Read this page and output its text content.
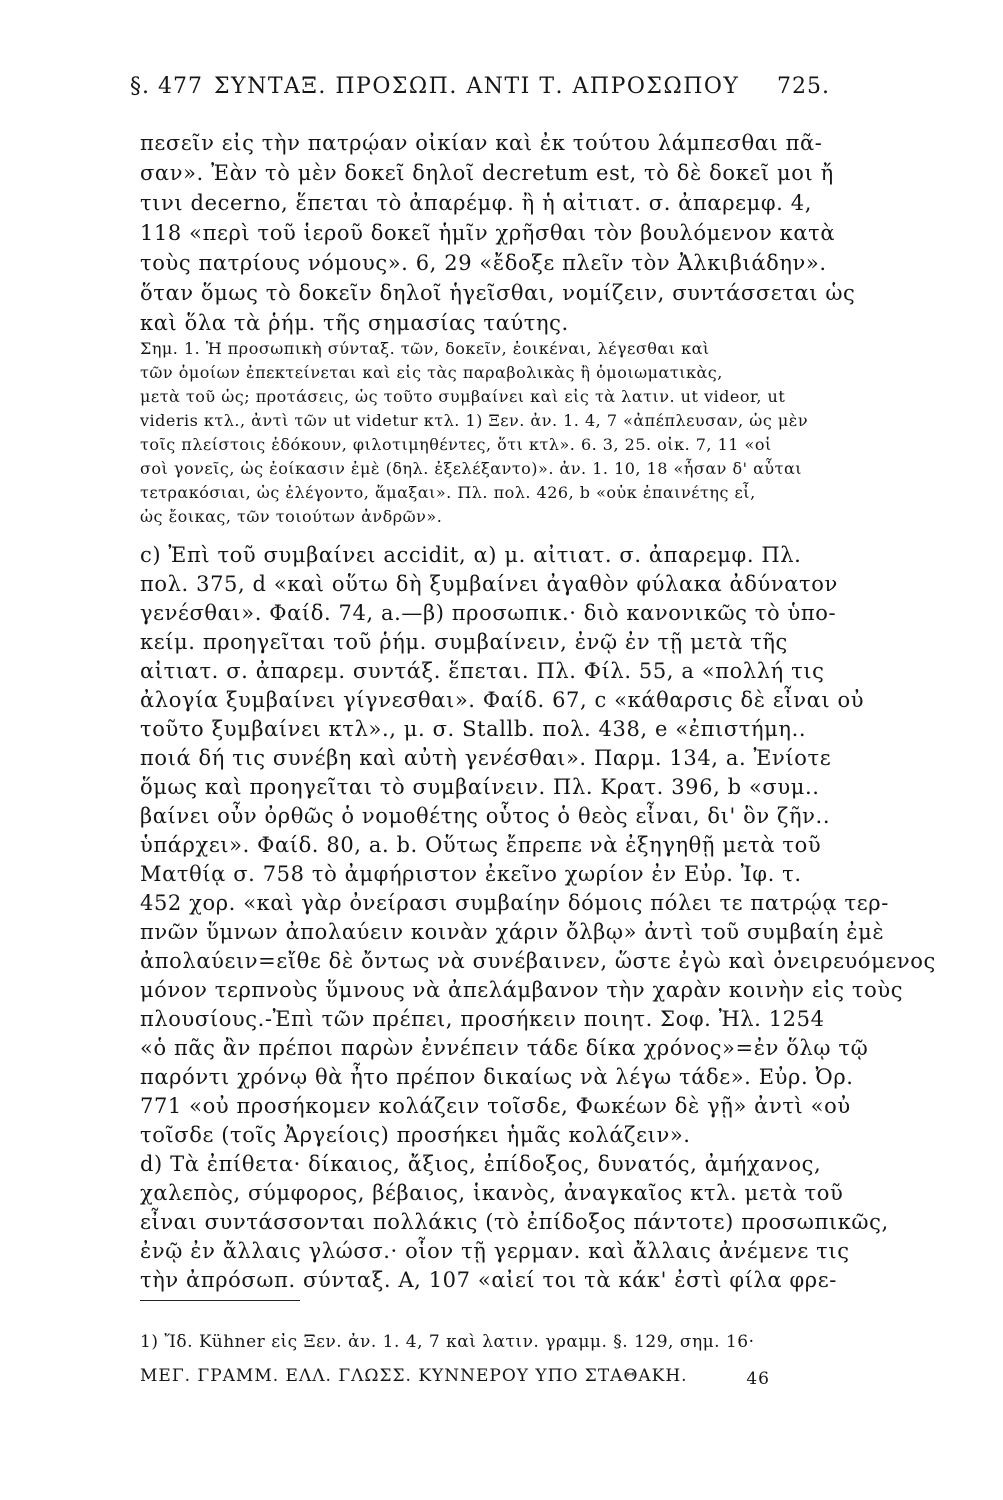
§. 477 ΣΥΝΤΑΞ. ΠΡΟΣΩΠ. ΑΝΤΙ Τ. ΑΠΡΟΣΩΠΟΥ 725.
πεσεῖν εἰς τὴν πατρῴαν οἰκίαν καὶ ἐκ τούτου λάμπεσθαι πᾶ-
σαν». Ἐὰν τὸ μὲν δοκεῖ δηλοῖ decretum est, τὸ δὲ δοκεῖ μοι ἤ
τινι decerno, ἕπεται τὸ ἀπαρέμφ. ἢ ἡ αἰτιατ. σ. ἀπαρεμφ. 4,
118 «περὶ τοῦ ἱεροῦ δοκεῖ ἡμῖν χρῆσθαι τὸν βουλόμενον κατὰ
τοὺς πατρίους νόμους». 6, 29 «ἔδοξε πλεῖν τὸν Ἀλκιβιάδην».
ὅταν ὅμως τὸ δοκεῖν δηλοῖ ἡγεῖσθαι, νομίζειν, συντάσσεται ὡς
καὶ ὅλα τὰ ῥήμ. τῆς σημασίας ταύτης.
Σημ. 1. Ἡ προσωπικὴ σύνταξ. τῶν, δοκεῖν, ἐοικέναι, λέγεσθαι καὶ
τῶν ὁμοίων ἐπεκτείνεται καὶ εἰς τὰς παραβολικὰς ἢ ὁμοιωματικὰς,
μετὰ τοῦ ὡς; προτάσεις, ὡς τοῦτο συμβαίνει καὶ εἰς τὰ λατιν. ut videor, ut
videris κτλ., ἀντὶ τῶν ut videtur κτλ. 1) Ξεν. ἀν. 1. 4, 7 «ἀπέπλευσαν, ὡς μὲν
τοῖς πλείστοις ἐδόκουν, φιλοτιμηθέντες, ὅτι κτλ». 6. 3, 25. οἰκ. 7, 11 «οἱ
σοὶ γονεῖς, ὡς ἐοίκασιν ἐμὲ (δηλ. ἐξελέξαντο)». ἀν. 1. 10, 18 «ἦσαν δ' αὗται
τετρακόσιαι, ὡς ἐλέγοντο, ἅμαξαι». Πλ. πολ. 426, b «οὐκ ἐπαινέτης εἶ,
ὡς ἔοικας, τῶν τοιούτων ἀνδρῶν».
c) Ἐπὶ τοῦ συμβαίνει accidit, α) μ. αἰτιατ. σ. ἀπαρεμφ. Πλ.
πολ. 375, d «καὶ οὕτω δὴ ξυμβαίνει ἀγαθὸν φύλακα ἀδύνατον
γενέσθαι». Φαίδ. 74, a.—β) προσωπικ.· διὸ κανονικῶς τὸ ὑπο-
κείμ. προηγεῖται τοῦ ῥήμ. συμβαίνειν, ἐνῷ ἐν τῇ μετὰ τῆς
αἰτιατ. σ. ἀπαρεμ. συντάξ. ἕπεται. Πλ. Φίλ. 55, a «πολλή τις
ἀλογία ξυμβαίνει γίγνεσθαι». Φαίδ. 67, c «κάθαρσις δὲ εἶναι οὐ
τοῦτο ξυμβαίνει κτλ»., μ. σ. Stallb. πολ. 438, e «ἐπιστήμη..
ποιά δή τις συνέβη καὶ αὐτὴ γενέσθαι». Παρμ. 134, a. Ἐνίοτε
ὅμως καὶ προηγεῖται τὸ συμβαίνειν. Πλ. Κρατ. 396, b «συμ..
βαίνει οὖν ὀρθῶς ὁ νομοθέτης οὗτος ὁ θεὸς εἶναι, δι' ὃν ζῆν..
ὑπάρχει». Φαίδ. 80, a. b. Οὕτως ἔπρεπε νὰ ἐξηγηθῇ μετὰ τοῦ
Ματθίᾳ σ. 758 τὸ ἀμφήριστον ἐκεῖνο χωρίον ἐν Εὐρ. Ἰφ. τ.
452 χορ. «καὶ γὰρ ὀνείρασι συμβαίην δόμοις πόλει τε πατρῴᾳ τερ-
πνῶν ὕμνων ἀπολαύειν κοινὰν χάριν ὄλβῳ» ἀντὶ τοῦ συμβαίη ἐμὲ
ἀπολαύειν=εἴθε δὲ ὄντως νὰ συνέβαινεν, ὥστε ἐγὼ καὶ ὀνειρευόμενος
μόνον τερπνοὺς ὕμνους νὰ ἀπελάμβανον τὴν χαρὰν κοινὴν εἰς τοὺς
πλουσίους.-Ἐπὶ τῶν πρέπει, προσήκειν ποιητ. Σοφ. Ἠλ. 1254
«ὁ πᾶς ἂν πρέποι παρὼν ἐννέπειν τάδε δίκα χρόνος»=ἐν ὅλῳ τῷ
παρόντι χρόνῳ θὰ ἦτο πρέπον δικαίως νὰ λέγω τάδε». Εὐρ. Ὀρ.
771 «οὐ προσήκομεν κολάζειν τοῖσδε, Φωκέων δὲ γῇ» ἀντὶ «οὐ
τοῖσδε (τοῖς Ἀργείοις) προσήκει ἡμᾶς κολάζειν».
d) Τὰ ἐπίθετα· δίκαιος, ἄξιος, ἐπίδοξος, δυνατός, ἀμήχανος,
χαλεπὸς, σύμφορος, βέβαιος, ἱκανὸς, ἀναγκαῖος κτλ. μετὰ τοῦ
εἶναι συντάσσονται πολλάκις (τὸ ἐπίδοξος πάντοτε) προσωπικῶς,
ἐνῷ ἐν ἄλλαις γλώσσ.· οἷον τῇ γερμαν. καὶ ἄλλαις ἀνέμενε τις
τὴν ἀπρόσωπ. σύνταξ. Α, 107 «αἰεί τοι τὰ κάκ' ἐστὶ φίλα φρε-
1) Ἴδ. Kühner εἰς Ξεν. ἀν. 1. 4, 7 καὶ λατιν. γραμμ. §. 129, σημ. 16·
ΜΕΓ. ΓΡΑΜΜ. ΕΛΛ. ΓΛΩΣΣ. ΚΥΝΝΕΡΟΥ ΥΠΟ ΣΤΑΘΑΚΗ.	46
